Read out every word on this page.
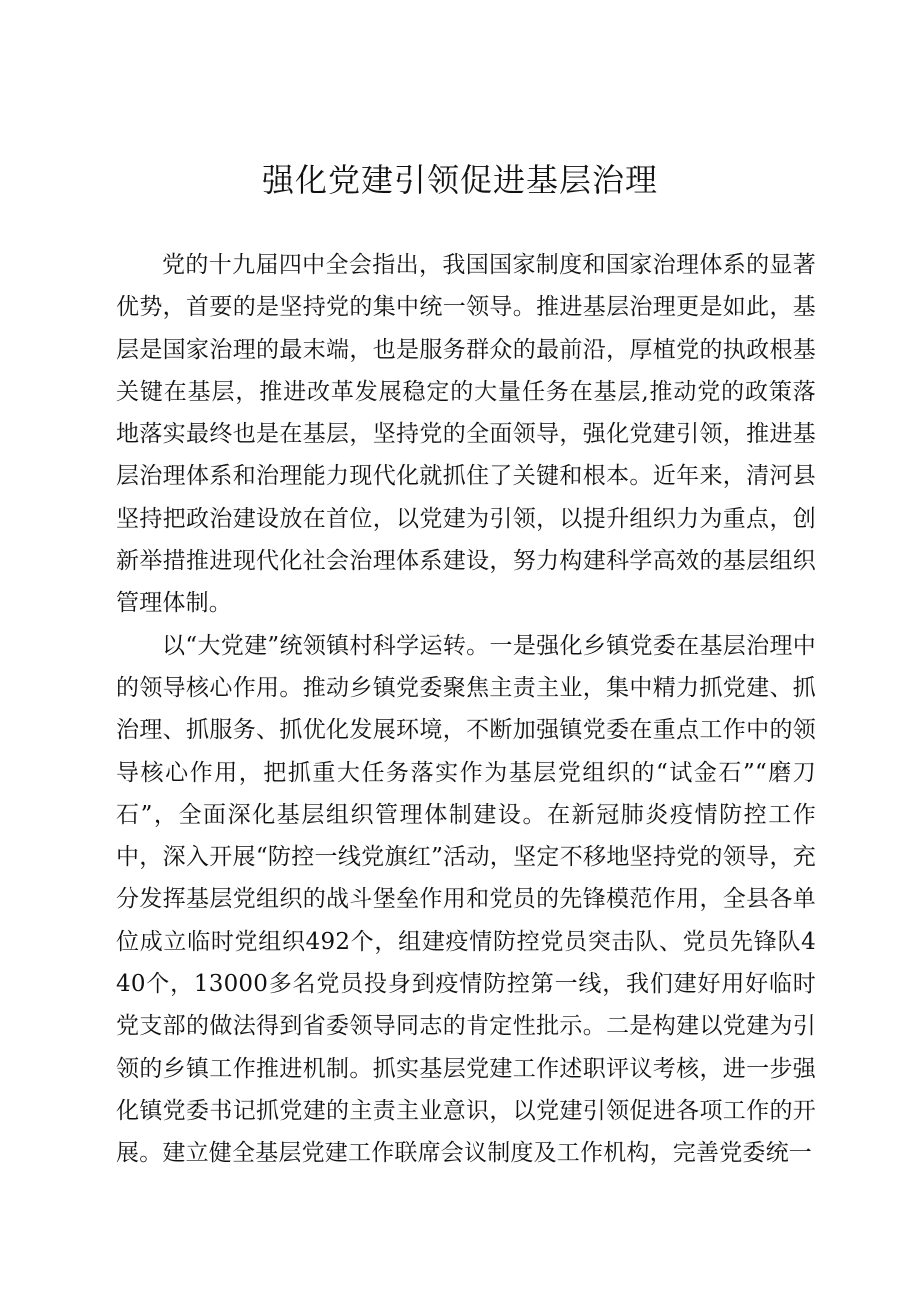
强化党建引领促进基层治理

党的十九届四中全会指出，我国国家制度和国家治理体系的显著优势，首要的是坚持党的集中统一领导。推进基层治理更是如此，基层是国家治理的最末端，也是服务群众的最前沿，厚植党的执政根基关键在基层，推进改革发展稳定的大量任务在基层,推动党的政策落地落实最终也是在基层，坚持党的全面领导，强化党建引领，推进基层治理体系和治理能力现代化就抓住了关键和根本。近年来，清河县坚持把政治建设放在首位，以党建为引领，以提升组织力为重点，创新举措推进现代化社会治理体系建设，努力构建科学高效的基层组织管理体制。

以“大党建”统领镇村科学运转。一是强化乡镇党委在基层治理中的领导核心作用。推动乡镇党委聚焦主责主业，集中精力抓党建、抓治理、抓服务、抓优化发展环境，不断加强镇党委在重点工作中的领导核心作用，把抓重大任务落实作为基层党组织的“试金石”“磨刀石”，全面深化基层组织管理体制建设。在新冠肺炎疫情防控工作中，深入开展“防控一线党旗红”活动，坚定不移地坚持党的领导，充分发挥基层党组织的战斗堡垒作用和党员的先锋模范作用，全县各单位成立临时党组织492个，组建疫情防控党员突击队、党员先锋队440个，13000多名党员投身到疫情防控第一线，我们建好用好临时党支部的做法得到省委领导同志的肯定性批示。二是构建以党建为引领的乡镇工作推进机制。抓实基层党建工作述职评议考核，进一步强化镇党委书记抓党建的主责主业意识，以党建引领促进各项工作的开展。建立健全基层党建工作联席会议制度及工作机构，完善党委统一
